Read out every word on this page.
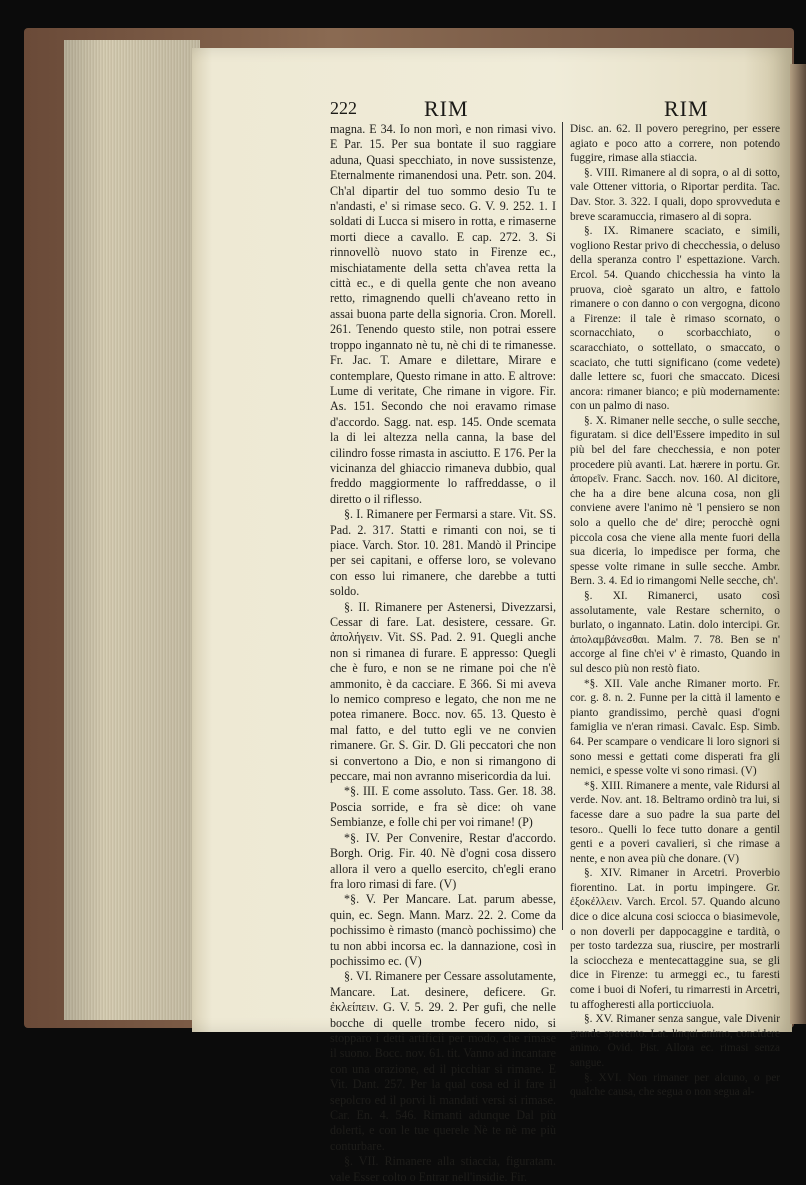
222	RIM	RIM

magna. E 34. Io non morì, e non rimasi vivo. E Par. 15. Per sua bontate il suo raggiare aduna, Quasi specchiato, in nove sussistenze, Eternalmente rimanendosi una. Petr. son. 204. Ch'al dipartir del tuo sommo desio Tu te n'andasti, e' si rimase seco. G. V. 9. 252. 1. I soldati di Lucca si misero in rotta, e rimaserne morti diece a cavallo. E cap. 272. 3. Si rinnovellò nuovo stato in Firenze ec., mischiatamente della setta ch'avea retta la città ec., e di quella gente che non aveano retto, rimagnendo quelli ch'aveano retto in assai buona parte della signoria. Cron. Morell. 261. Tenendo questo stile, non potrai essere troppo ingannato nè tu, nè chi di te rimanesse. Fr. Jac. T. Amare e dilettare, Mirare e contemplare, Questo rimane in atto. E altrove: Lume di veritate, Che rimane in vigore. Fir. As. 151. Secondo che noi eravamo rimase d'accordo. Sagg. nat. esp. 145. Onde scemata la di lei altezza nella canna, la base del cilindro fosse rimasta in asciutto. E 176. Per la vicinanza del ghiaccio rimaneva dubbio, qual freddo maggiormente lo raffreddasse, o il diretto o il riflesso.

§. I. Rimanere per Fermarsi a stare. Vit. SS. Pad. 2. 317. Statti e rimanti con noi, se ti piace. Varch. Stor. 10. 281. Mandò il Principe per sei capitani, e offerse loro, se volevano con esso lui rimanere, che darebbe a tutti soldo.

§. II. Rimanere per Astenersi, Divezzarsi, Cessar di fare. Lat. desistere, cessare. Gr. ἀπολήγειν. Vit. SS. Pad. 2. 91. Quegli anche non si rimanea di furare. E appresso: Quegli che è furo, e non se ne rimane poi che n'è ammonito, è da cacciare. E 366. Si mi aveva lo nemico compreso e legato, che non me ne potea rimanere. Bocc. nov. 65. 13. Questo è mal fatto, e del tutto egli ve ne convien rimanere. Gr. S. Gir. D. Gli peccatori che non si convertono a Dio, e non si rimangono di peccare, mai non avranno misericordia da lui.

*§. III. E come assoluto. Tass. Ger. 18. 38. Poscia sorride, e fra sè dice: oh vane Sembianze, e folle chi per voi rimane! (P)

*§. IV. Per Convenire, Restar d'accordo. Borgh. Orig. Fir. 40. Nè d'ogni cosa dissero allora il vero a quello esercito, ch'egli erano fra loro rimasi di fare. (V)

*§. V. Per Mancare. Lat. parum abesse, quin, ec. Segn. Mann. Marz. 22. 2. Come da pochissimo è rimasto (mancò pochissimo) che tu non abbi incorsa ec. la dannazione, così in pochissimo ec. (V)

§. VI. Rimanere per Cessare assolutamente, Mancare. Lat. desinere, deficere. Gr. ἐκλείπειν. G. V. 5. 29. 2. Per gufi, che nelle bocche di quelle trombe fecero nido, si stopparo i detti artificii per modo, che rimase il suono. Bocc. nov. 61. tit. Vanno ad incantare con una orazione, ed il picchiar si rimane. E Vit. Dant. 257. Per la qual cosa ed il fare il sepolcro ed il porvi li mandati versi si rimase. Car. En. 4. 546. Rimanti adunque Dal più dolerti, e con le tue querele Nè te nè me più conturbare.

§. VII. Rimanere alla stiaccia, figuratam. vale Esser colto o Entrar nell'insidie. Fir.

Disc. an. 62. Il povero peregrino, per essere agiato e poco atto a correre, non potendo fuggire, rimase alla stiaccia.

§. VIII. Rimanere al di sopra, o al di sotto, vale Ottener vittoria, o Riportar perdita. Tac. Dav. Stor. 3. 322. I quali, dopo sprovveduta e breve scaramuccia, rimasero al di sopra.

§. IX. Rimanere scaciato, e simili, vogliono Restar privo di checchessia, o deluso della speranza contro l' espettazione. Varch. Ercol. 54. Quando chicchessia ha vinto la pruova, cioè sgarato un altro, e fattolo rimanere o con danno o con vergogna, dicono a Firenze: il tale è rimaso scornato, o scornacchiato, o scorbacchiato, o scaracchiato, o sottellato, o smaccato, o scaciato, che tutti significano (come vedete) dalle lettere sc, fuori che smaccato. Dicesi ancora: rimaner bianco; e più modernamente: con un palmo di naso.

§. X. Rimaner nelle secche, o sulle secche, figuratam. si dice dell'Essere impedito in sul più bel del fare checchessia, e non poter procedere più avanti. Lat. hærere in portu. Gr. ἀπορεῖν. Franc. Sacch. nov. 160. Al dicitore, che ha a dire bene alcuna cosa, non gli conviene avere l'animo nè 'l pensiero se non solo a quello che de' dire; perocchè ogni piccola cosa che viene alla mente fuori della sua diceria, lo impedisce per forma, che spesse volte rimane in sulle secche. Ambr. Bern. 3. 4. Ed io rimangomi Nelle secche, ch'.

§. XI. Rimanerci, usato così assolutamente, vale Restare schernito, o burlato, o ingannato. Latin. dolo intercipi. Gr. ἀπολαμβάνεσθαι. Malm. 7. 78. Ben se n' accorge al fine ch'ei v' è rimasto, Quando in sul desco più non restò fiato.

*§. XII. Vale anche Rimaner morto. Fr. cor. g. 8. n. 2. Funne per la città il lamento e pianto grandissimo, perchè quasi d'ogni famiglia ve n'eran rimasi. Cavalc. Esp. Simb. 64. Per scampare o vendicare li loro signori si sono messi e gettati come disperati fra gli nemici, e spesse volte vi sono rimasi. (V)

*§. XIII. Rimanere a mente, vale Ridursi al verde. Nov. ant. 18. Beltramo ordinò tra lui, si facesse dare a suo padre la sua parte del tesoro.. Quelli lo fece tutto donare a gentil genti e a poveri cavalieri, sì che rimase a nente, e non avea più che donare. (V)

§. XIV. Rimaner in Arcetri. Proverbio fiorentino. Lat. in portu impingere. Gr. ἐξοκέλλειν. Varch. Ercol. 57. Quando alcuno dice o dice alcuna cosi sciocca o biasimevole, o non doverli per dappocaggine e tardità, o per tosto tardezza sua, riuscire, per mostrarli la scioccheza e mentecattaggine sua, se gli dice in Firenze: tu armeggi ec., tu faresti come i buoi di Noferi, tu rimarresti in Arcetri, tu affogheresti alla porticciuola.

§. XV. Rimaner senza sangue, vale Divenir grande spavento. Lat. linqui animo, concidere animo. Ovid. Pist. Allora ec. rimasi senza sangue.

§. XVI. Non rimaner per alcuno, o per qualche causa, che segua o non segua al-
